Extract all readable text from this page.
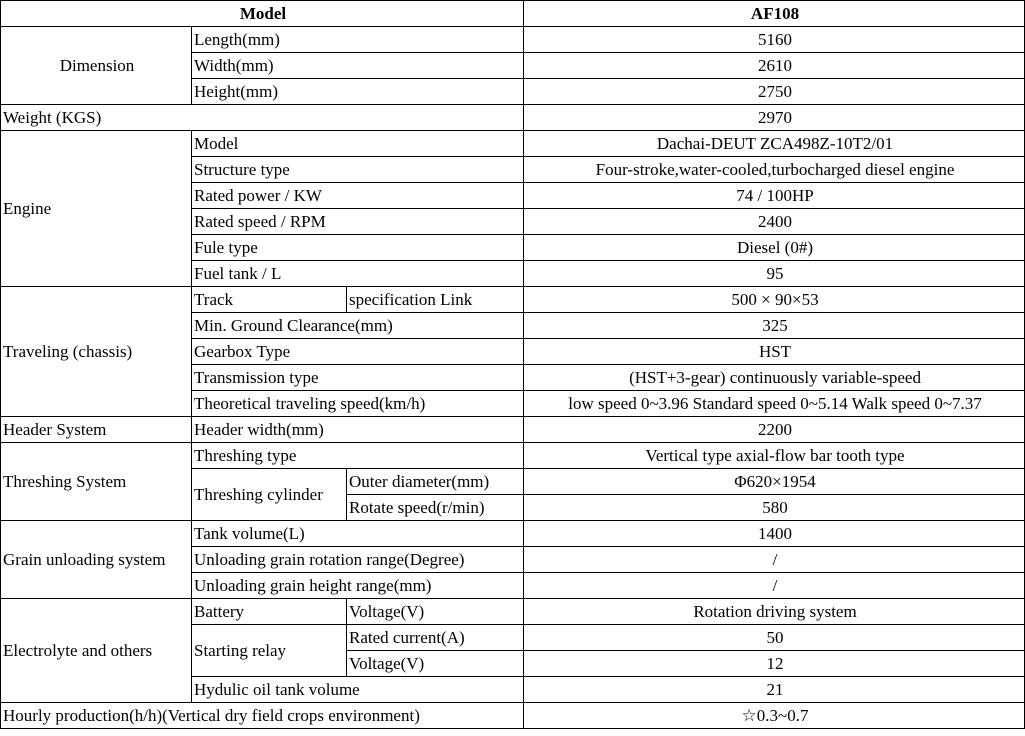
Model			AF108
Dimension	Length(mm)		5160
	Width(mm)		2610
	Height(mm)		2750
Weight (KGS)			2970
Engine	Model		Dachai-DEUT ZCA498Z-10T2/01
	Structure type		Four-stroke,water-cooled,turbocharged diesel engine
	Rated power / KW		74 / 100HP
	Rated speed / RPM		2400
	Fule type		Diesel (0#)
	Fuel tank / L		95
Traveling (chassis)	Track	specification Link	500 × 90×53
	Min. Ground Clearance(mm)		325
	Gearbox Type		HST
	Transmission type		(HST+3-gear) continuously variable-speed
	Theoretical traveling speed(km/h)		low speed 0~3.96 Standard speed 0~5.14 Walk speed 0~7.37
Header System	Header width(mm)		2200
Threshing System	Threshing type		Vertical type axial-flow bar tooth type
	Threshing cylinder	Outer diameter(mm)	Φ620×1954
		Rotate speed(r/min)	580
Grain unloading system	Tank volume(L)		1400
	Unloading grain rotation range(Degree)		/
	Unloading grain height range(mm)		/
Electrolyte and others	Battery	Voltage(V)	Rotation driving system
	Starting relay	Rated current(A)	50
		Voltage(V)	12
	Hydulic oil tank volume		21
Hourly production(h/h)(Vertical dry field crops environment)			☆0.3~0.7
